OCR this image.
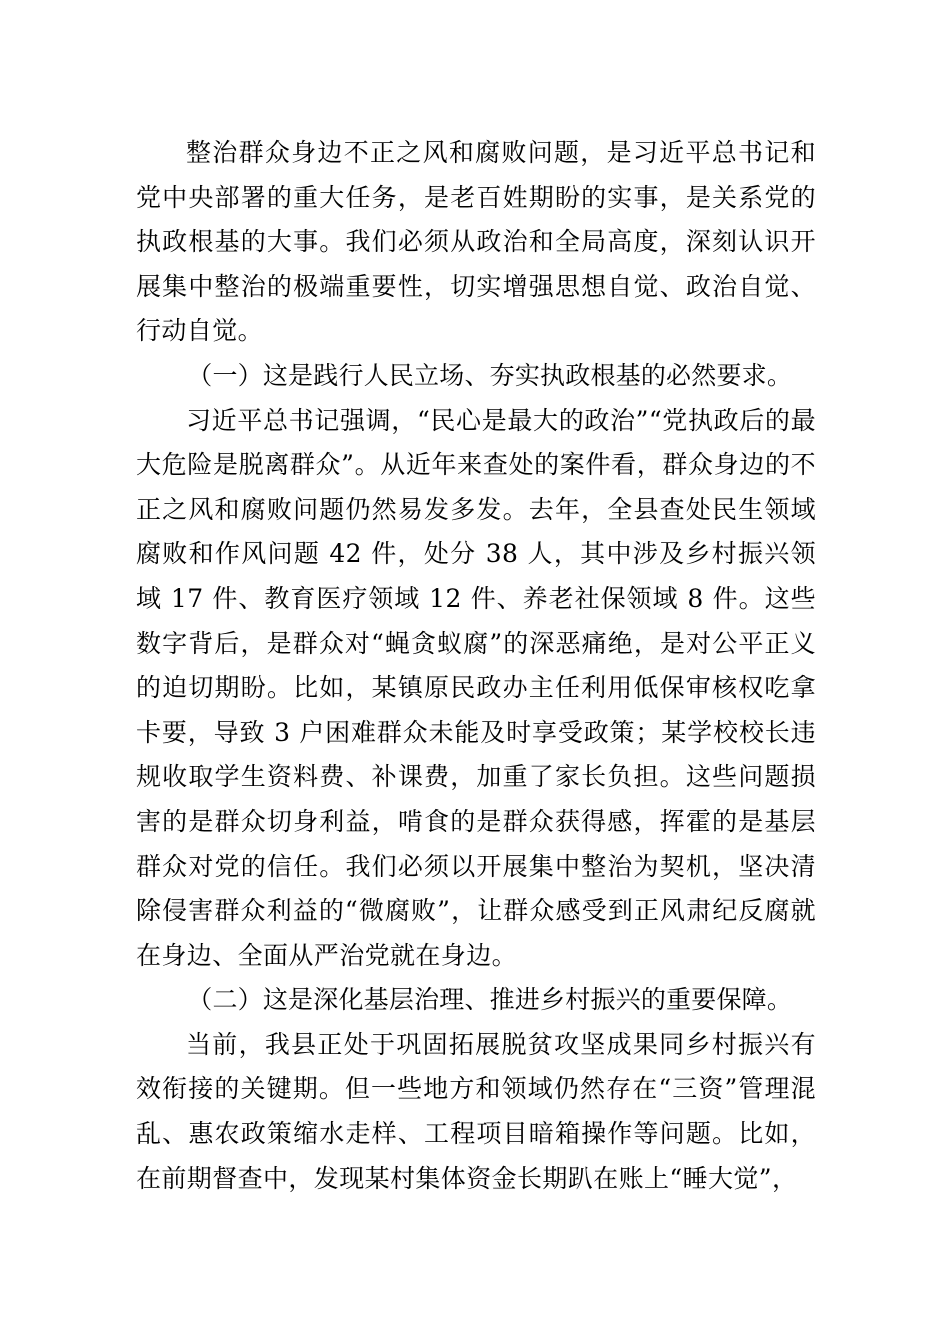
整治群众身边不正之风和腐败问题，是习近平总书记和党中央部署的重大任务，是老百姓期盼的实事，是关系党的执政根基的大事。我们必须从政治和全局高度，深刻认识开展集中整治的极端重要性，切实增强思想自觉、政治自觉、行动自觉。

（一）这是践行人民立场、夯实执政根基的必然要求。

习近平总书记强调，“民心是最大的政治”“党执政后的最大危险是脱离群众”。从近年来查处的案件看，群众身边的不正之风和腐败问题仍然易发多发。去年，全县查处民生领域腐败和作风问题 42 件，处分 38 人，其中涉及乡村振兴领域 17 件、教育医疗领域 12 件、养老社保领域 8 件。这些数字背后，是群众对“蝇贪蚁腐”的深恶痛绝，是对公平正义的迫切期盼。比如，某镇原民政办主任利用低保审核权吃拿卡要，导致 3 户困难群众未能及时享受政策；某学校校长违规收取学生资料费、补课费，加重了家长负担。这些问题损害的是群众切身利益，啃食的是群众获得感，挥霍的是基层群众对党的信任。我们必须以开展集中整治为契机，坚决清除侵害群众利益的“微腐败”，让群众感受到正风肃纪反腐就在身边、全面从严治党就在身边。

（二）这是深化基层治理、推进乡村振兴的重要保障。

当前，我县正处于巩固拓展脱贫攻坚成果同乡村振兴有效衔接的关键期。但一些地方和领域仍然存在“三资”管理混乱、惠农政策缩水走样、工程项目暗箱操作等问题。比如，在前期督查中，发现某村集体资金长期趴在账上“睡大觉”，
